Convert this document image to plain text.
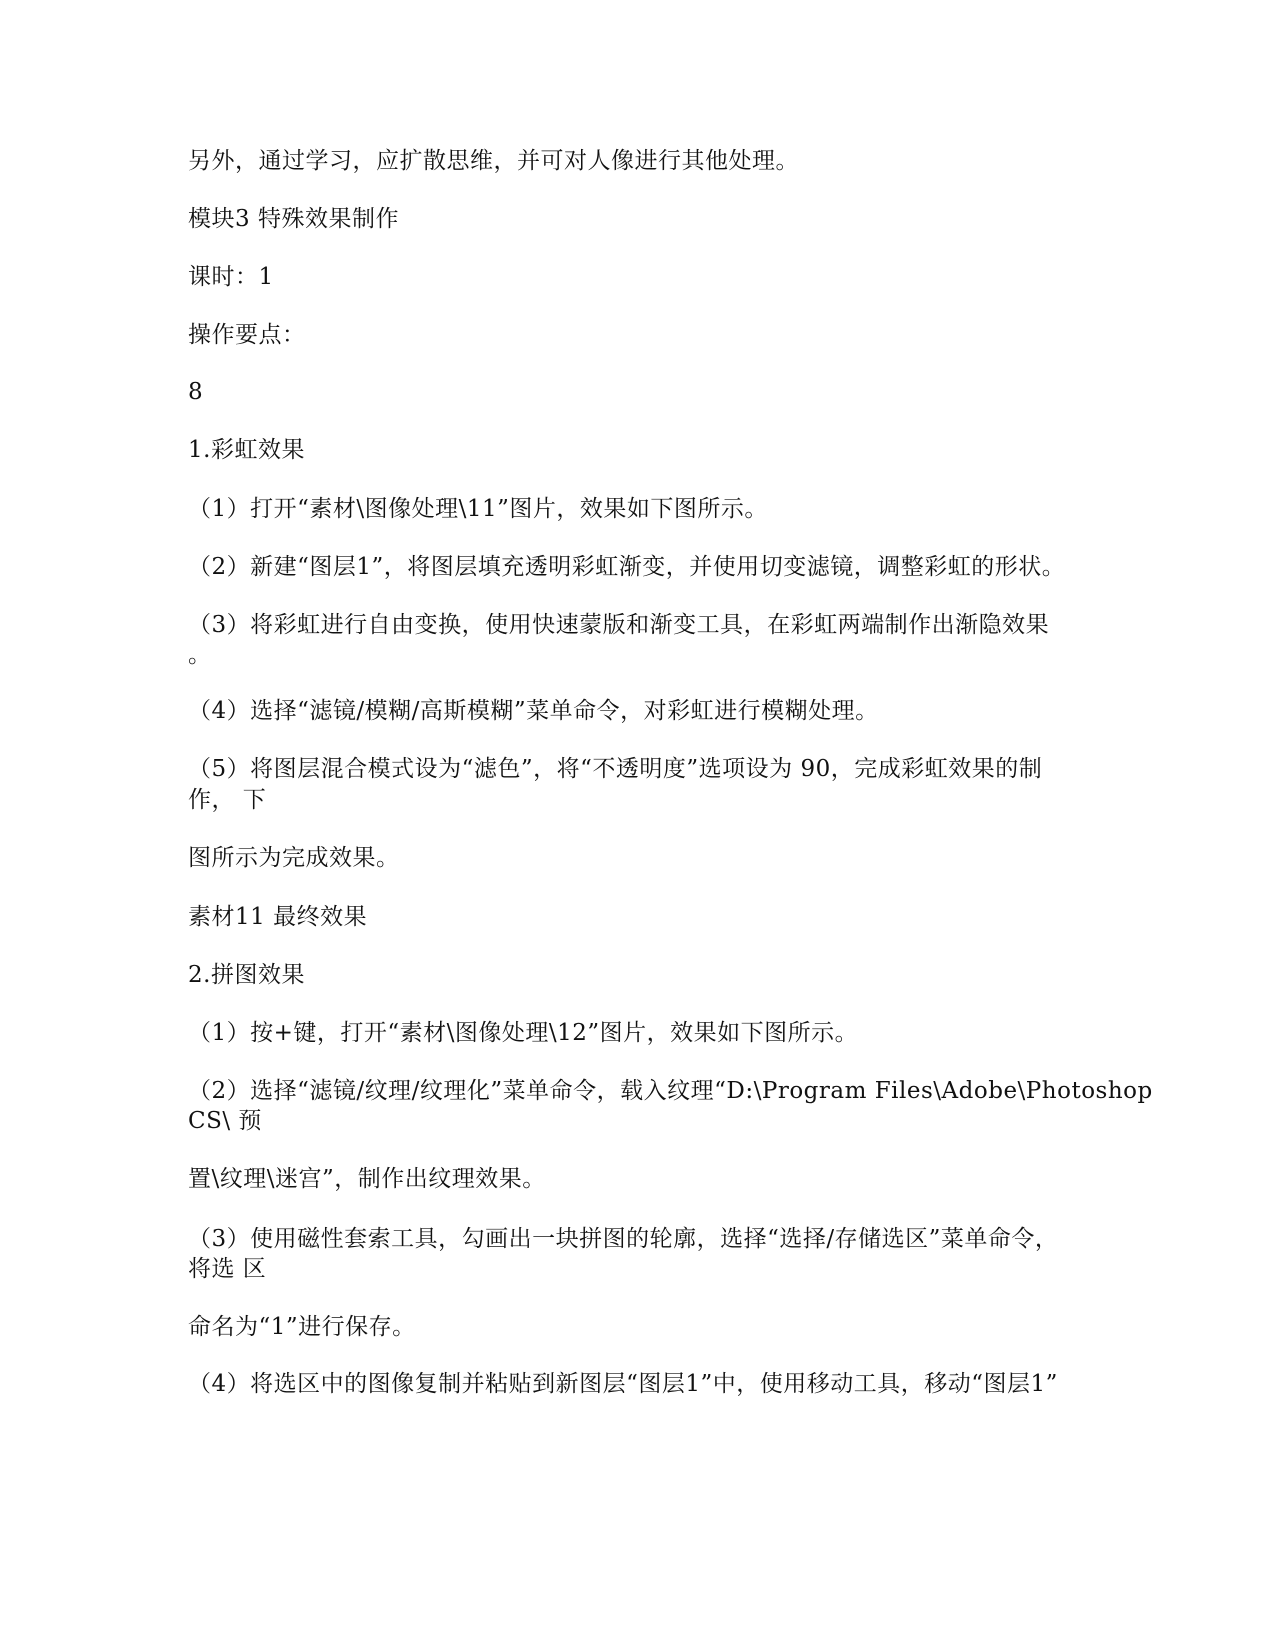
另外，通过学习，应扩散思维，并可对人像进行其他处理。
模块3 特殊效果制作
课时：1
操作要点：
8
1.彩虹效果
（1）打开“素材\图像处理\11”图片，效果如下图所示。
（2）新建“图层1”，将图层填充透明彩虹渐变，并使用切变滤镜，调整彩虹的形状。
（3）将彩虹进行自由变换，使用快速蒙版和渐变工具，在彩虹两端制作出渐隐效果
。
（4）选择“滤镜/模糊/高斯模糊”菜单命令，对彩虹进行模糊处理。
（5）将图层混合模式设为“滤色”，将“不透明度”选项设为 90，完成彩虹效果的制
作， 下
图所示为完成效果。
素材11 最终效果
2.拼图效果
（1）按+键，打开“素材\图像处理\12”图片，效果如下图所示。
（2）选择“滤镜/纹理/纹理化”菜单命令，载入纹理“D:\Program Files\Adobe\Photoshop
CS\ 预
置\纹理\迷宫”，制作出纹理效果。
（3）使用磁性套索工具，勾画出一块拼图的轮廓，选择“选择/存储选区”菜单命令，
将选 区
命名为“1”进行保存。
（4）将选区中的图像复制并粘贴到新图层“图层1”中，使用移动工具，移动“图层1”
